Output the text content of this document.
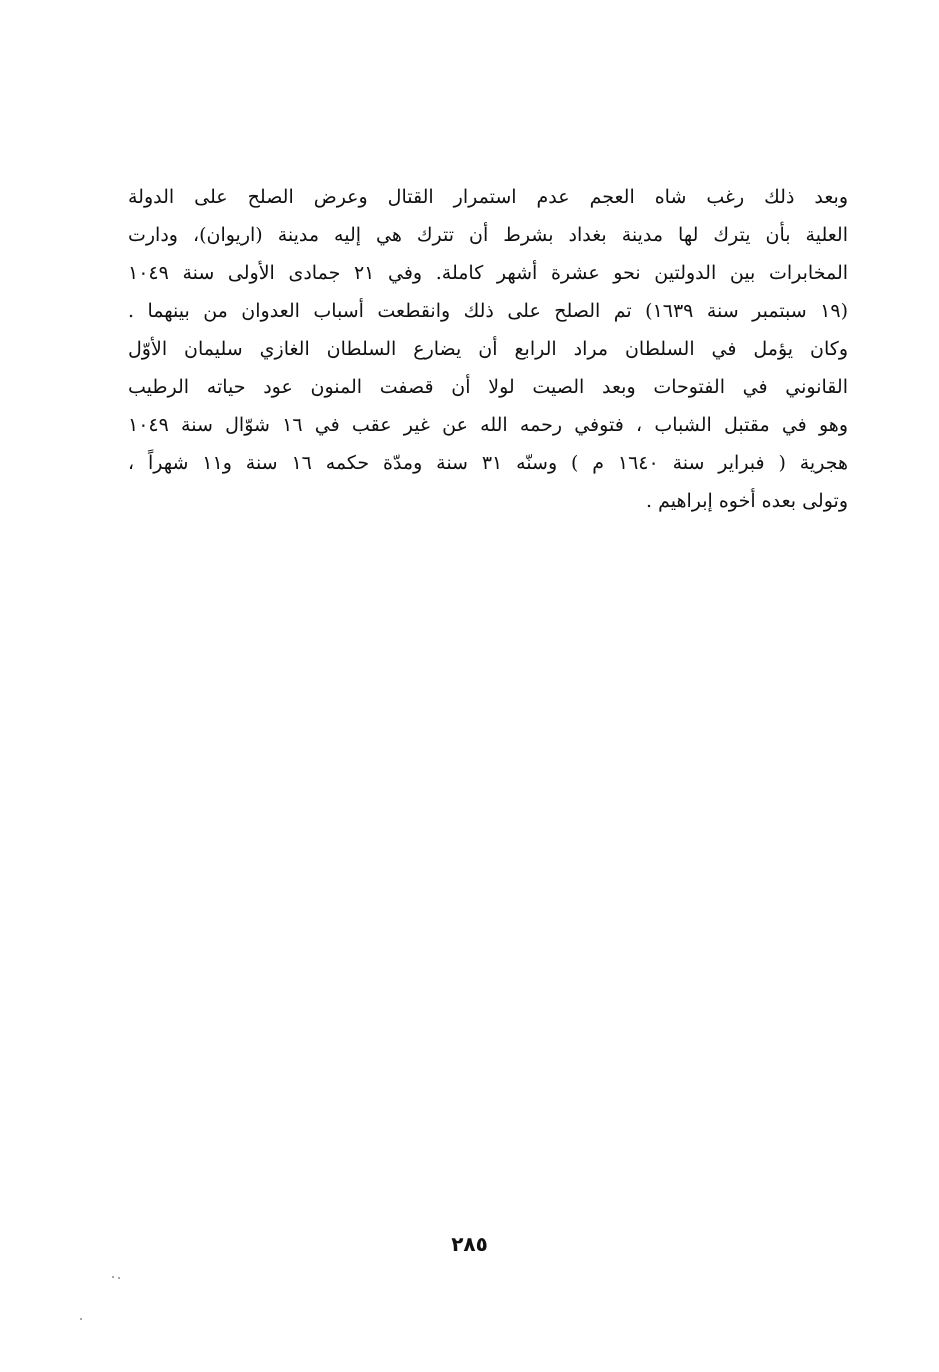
وبعد ذلك رغب شاه العجم عدم استمرار القتال وعرض الصلح على الدولة
العلية بأن يترك لها مدينة بغداد بشرط أن تترك هي إليه مدينة (اريوان)، ودارت
المخابرات بين الدولتين نحو عشرة أشهر كاملة. وفي ٢١ جمادى الأولى سنة ١٠٤٩
(١٩ سبتمبر سنة ١٦٣٩) تم الصلح على ذلك وانقطعت أسباب العدوان من بينهما .
وكان يؤمل في السلطان مراد الرابع أن يضارع السلطان الغازي سليمان الأوّل
القانوني في الفتوحات وبعد الصيت لولا أن قصفت المنون عود حياته الرطيب
وهو في مقتبل الشباب ، فتوفي رحمه الله عن غير عقب في ١٦ شوّال سنة ١٠٤٩
هجرية ( فبراير سنة ١٦٤٠ م ) وسنّه ٣١ سنة ومدّة حكمه ١٦ سنة و١١ شهراً ،
وتولى بعده أخوه إبراهيم .
٢٨٥
